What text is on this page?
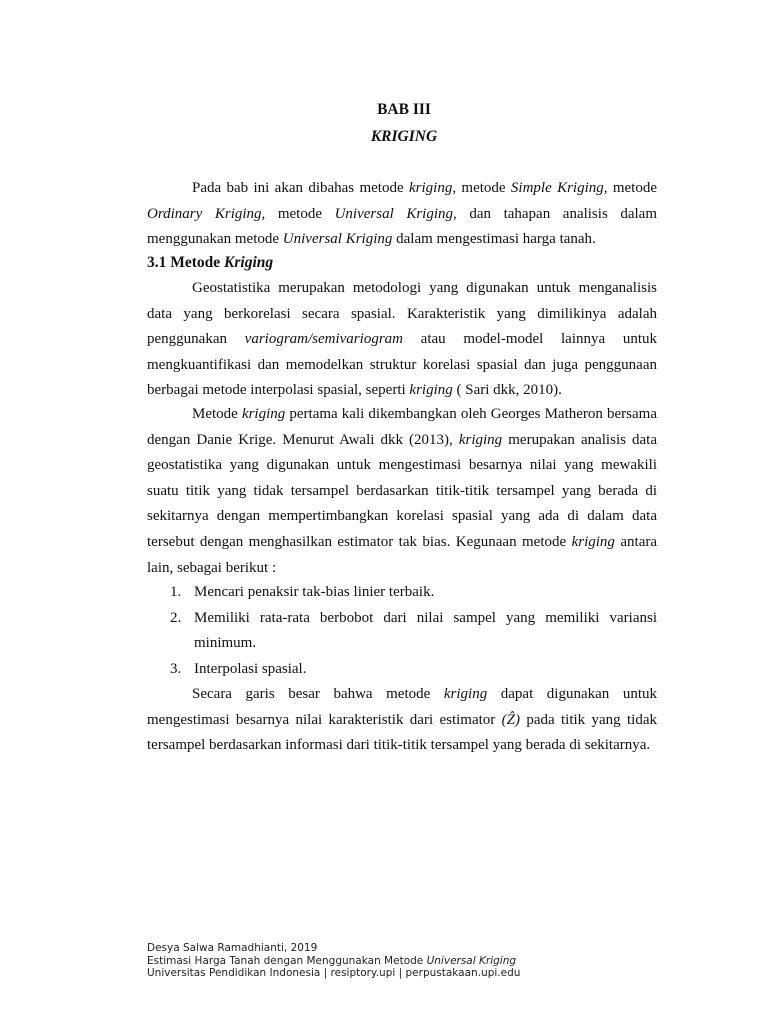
BAB III
KRIGING

Pada bab ini akan dibahas metode kriging, metode Simple Kriging, metode Ordinary Kriging, metode Universal Kriging, dan tahapan analisis dalam menggunakan metode Universal Kriging dalam mengestimasi harga tanah.

3.1 Metode Kriging

Geostatistika merupakan metodologi yang digunakan untuk menganalisis data yang berkorelasi secara spasial. Karakteristik yang dimilikinya adalah penggunakan variogram/semivariogram atau model-model lainnya untuk mengkuantifikasi dan memodelkan struktur korelasi spasial dan juga penggunaan berbagai metode interpolasi spasial, seperti kriging ( Sari dkk, 2010).

Metode kriging pertama kali dikembangkan oleh Georges Matheron bersama dengan Danie Krige. Menurut Awali dkk (2013), kriging merupakan analisis data geostatistika yang digunakan untuk mengestimasi besarnya nilai yang mewakili suatu titik yang tidak tersampel berdasarkan titik-titik tersampel yang berada di sekitarnya dengan mempertimbangkan korelasi spasial yang ada di dalam data tersebut dengan menghasilkan estimator tak bias. Kegunaan metode kriging antara lain, sebagai berikut :

1. Mencari penaksir tak-bias linier terbaik.
2. Memiliki rata-rata berbobot dari nilai sampel yang memiliki variansi minimum.
3. Interpolasi spasial.

Secara garis besar bahwa metode kriging dapat digunakan untuk mengestimasi besarnya nilai karakteristik dari estimator (Ẑ) pada titik yang tidak tersampel berdasarkan informasi dari titik-titik tersampel yang berada di sekitarnya.

Desya Salwa Ramadhianti, 2019
Estimasi Harga Tanah dengan Menggunakan Metode Universal Kriging
Universitas Pendidikan Indonesia | resiptory.upi | perpustakaan.upi.edu
